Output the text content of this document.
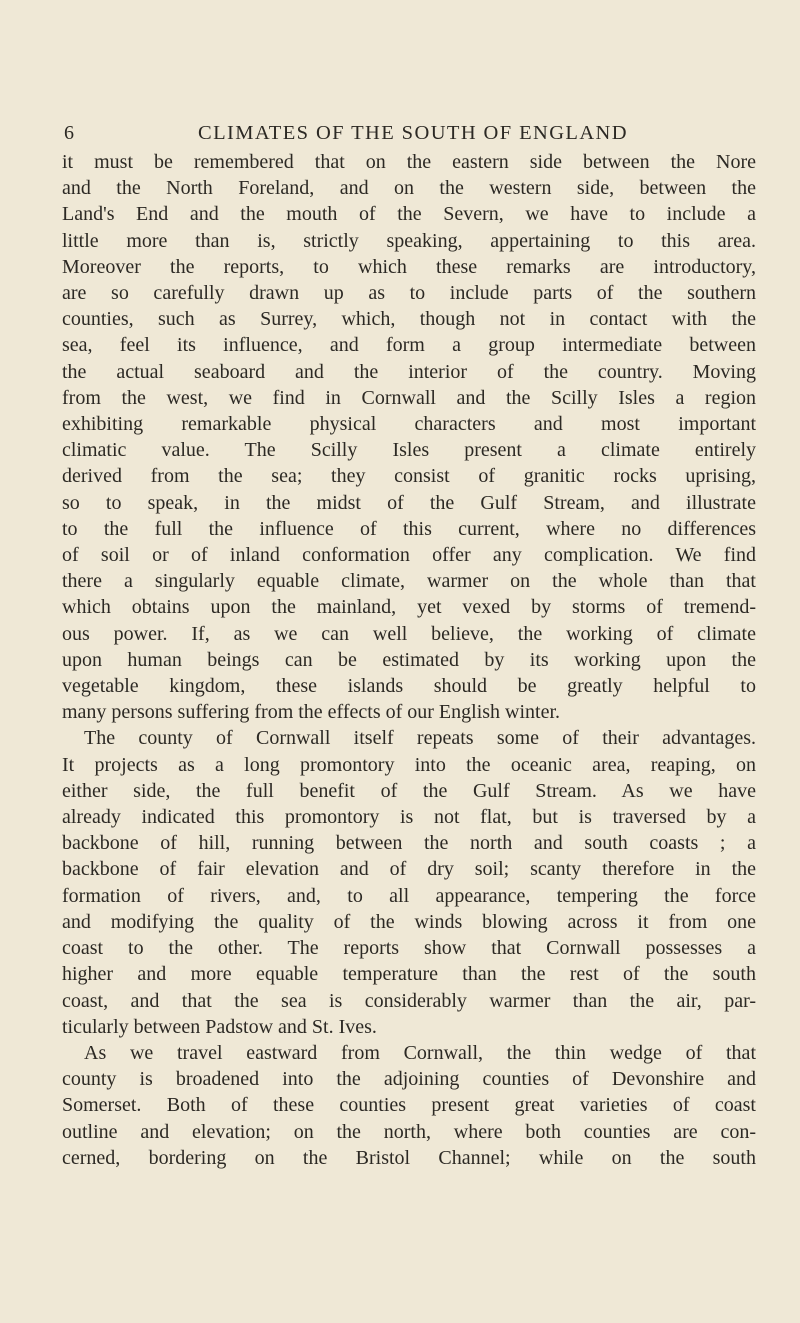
6	CLIMATES OF THE SOUTH OF ENGLAND
it must be remembered that on the eastern side between the Nore
and the North Foreland, and on the western side, between the
Land's End and the mouth of the Severn, we have to include a
little more than is, strictly speaking, appertaining to this area.
Moreover the reports, to which these remarks are introductory,
are so carefully drawn up as to include parts of the southern
counties, such as Surrey, which, though not in contact with the
sea, feel its influence, and form a group intermediate between
the actual seaboard and the interior of the country. Moving
from the west, we find in Cornwall and the Scilly Isles a region
exhibiting remarkable physical characters and most important
climatic value. The Scilly Isles present a climate entirely
derived from the sea; they consist of granitic rocks uprising,
so to speak, in the midst of the Gulf Stream, and illustrate
to the full the influence of this current, where no differences
of soil or of inland conformation offer any complication. We find
there a singularly equable climate, warmer on the whole than that
which obtains upon the mainland, yet vexed by storms of tremend-
ous power. If, as we can well believe, the working of climate
upon human beings can be estimated by its working upon the
vegetable kingdom, these islands should be greatly helpful to
many persons suffering from the effects of our English winter.
The county of Cornwall itself repeats some of their advantages.
It projects as a long promontory into the oceanic area, reaping, on
either side, the full benefit of the Gulf Stream. As we have
already indicated this promontory is not flat, but is traversed by a
backbone of hill, running between the north and south coasts ; a
backbone of fair elevation and of dry soil; scanty therefore in the
formation of rivers, and, to all appearance, tempering the force
and modifying the quality of the winds blowing across it from one
coast to the other. The reports show that Cornwall possesses a
higher and more equable temperature than the rest of the south
coast, and that the sea is considerably warmer than the air, par-
ticularly between Padstow and St. Ives.
As we travel eastward from Cornwall, the thin wedge of that
county is broadened into the adjoining counties of Devonshire and
Somerset. Both of these counties present great varieties of coast
outline and elevation; on the north, where both counties are con-
cerned, bordering on the Bristol Channel; while on the south
